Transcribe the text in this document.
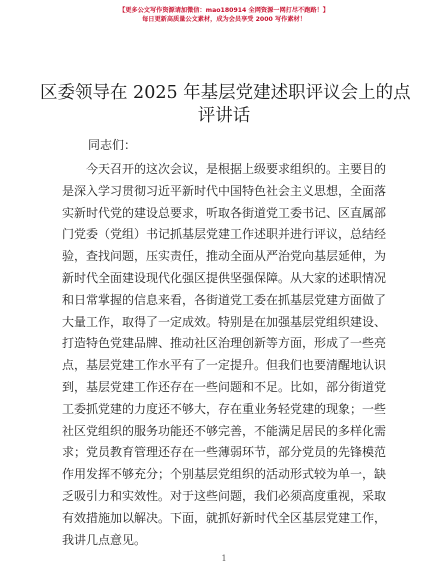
【更多公文写作资源请加微信：mao180914 全网资源一网打尽不跑路！】
每日更新高质量公文素材，成为会员享受 2000 写作素材！
区委领导在 2025 年基层党建述职评议会上的点
评讲话
同志们：
今天召开的这次会议，是根据上级要求组织的。主要目的
是深入学习贯彻习近平新时代中国特色社会主义思想，全面落
实新时代党的建设总要求，听取各街道党工委书记、区直属部
门党委（党组）书记抓基层党建工作述职并进行评议，总结经
验，查找问题，压实责任，推动全面从严治党向基层延伸，为
新时代全面建设现代化强区提供坚强保障。从大家的述职情况
和日常掌握的信息来看，各街道党工委在抓基层党建方面做了
大量工作，取得了一定成效。特别是在加强基层党组织建设、
打造特色党建品牌、推动社区治理创新等方面，形成了一些亮
点，基层党建工作水平有了一定提升。但我们也要清醒地认识
到，基层党建工作还存在一些问题和不足。比如，部分街道党
工委抓党建的力度还不够大，存在重业务轻党建的现象；一些
社区党组织的服务功能还不够完善，不能满足居民的多样化需
求；党员教育管理还存在一些薄弱环节，部分党员的先锋模范
作用发挥不够充分；个别基层党组织的活动形式较为单一，缺
乏吸引力和实效性。对于这些问题，我们必须高度重视，采取
有效措施加以解决。下面，就抓好新时代全区基层党建工作，
我讲几点意见。
1
